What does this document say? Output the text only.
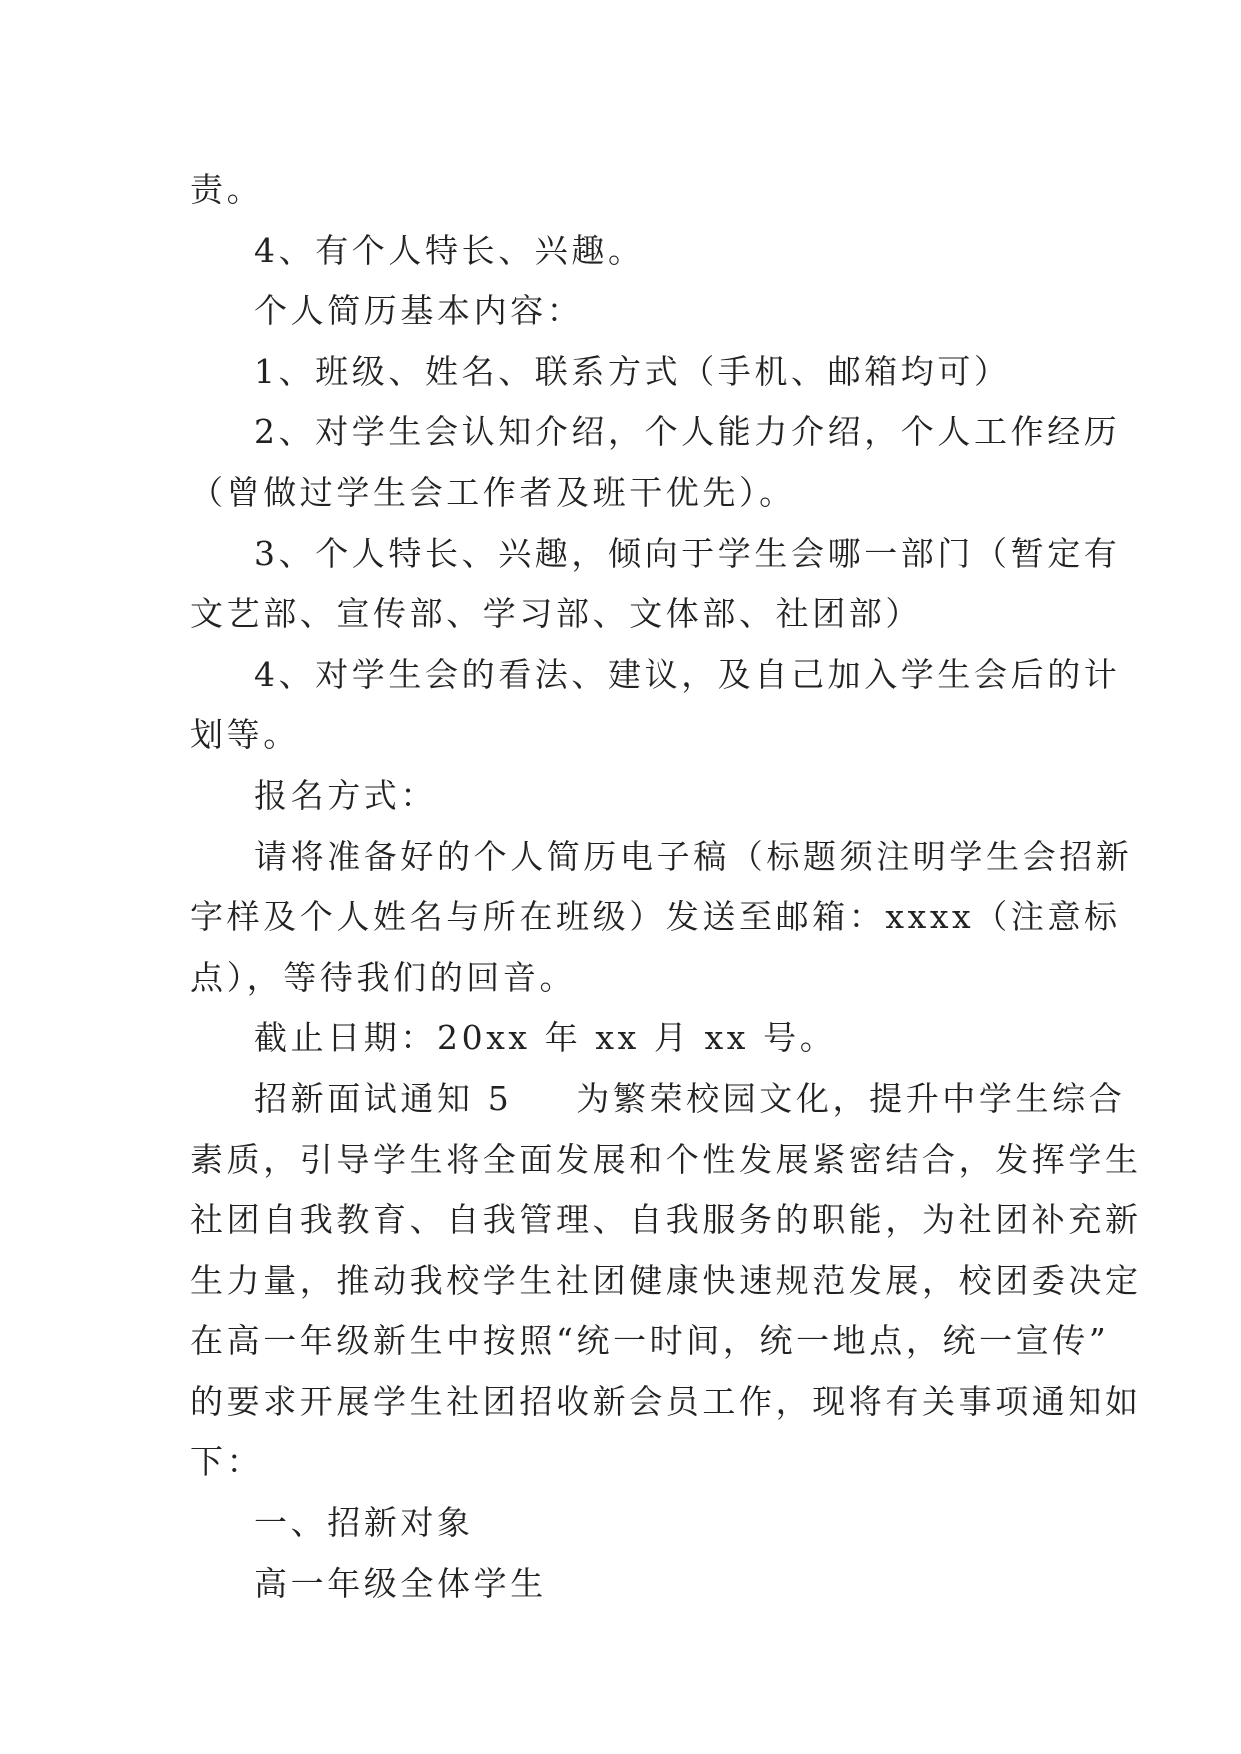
责。
4、有个人特长、兴趣。
个人简历基本内容：
1、班级、姓名、联系方式（手机、邮箱均可）
2、对学生会认知介绍，个人能力介绍，个人工作经历
（曾做过学生会工作者及班干优先）。
3、个人特长、兴趣，倾向于学生会哪一部门（暂定有
文艺部、宣传部、学习部、文体部、社团部）
4、对学生会的看法、建议，及自己加入学生会后的计
划等。
报名方式：
请将准备好的个人简历电子稿（标题须注明学生会招新
字样及个人姓名与所在班级）发送至邮箱：xxxx（注意标
点），等待我们的回音。
截止日期：20xx 年 xx 月 xx 号。
招新面试通知 5 为繁荣校园文化，提升中学生综合
素质，引导学生将全面发展和个性发展紧密结合，发挥学生
社团自我教育、自我管理、自我服务的职能，为社团补充新
生力量，推动我校学生社团健康快速规范发展，校团委决定
在高一年级新生中按照“统一时间，统一地点，统一宣传”
的要求开展学生社团招收新会员工作，现将有关事项通知如
下：
一、招新对象
高一年级全体学生
